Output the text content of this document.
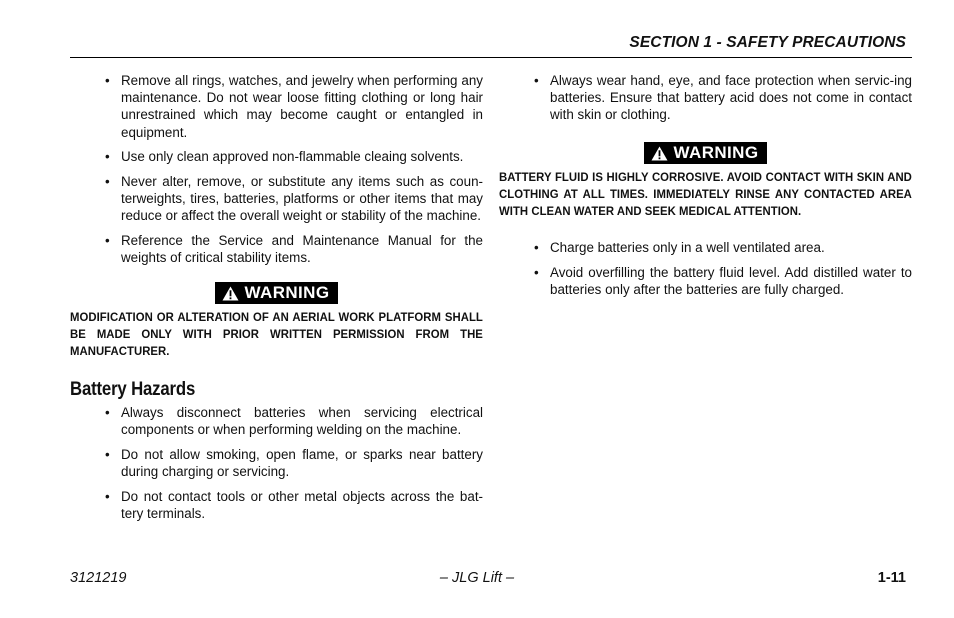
SECTION 1 - SAFETY PRECAUTIONS
• Remove all rings, watches, and jewelry when performing any maintenance. Do not wear loose fitting clothing or long hair unrestrained which may become caught or entangled in equipment.
• Use only clean approved non-flammable cleaing solvents.
• Never alter, remove, or substitute any items such as coun-terweights, tires, batteries, platforms or other items that may reduce or affect the overall weight or stability of the machine.
• Reference the Service and Maintenance Manual for the weights of critical stability items.
WARNING
MODIFICATION OR ALTERATION OF AN AERIAL WORK PLATFORM SHALL BE MADE ONLY WITH PRIOR WRITTEN PERMISSION FROM THE MANUFACTURER.
Battery Hazards
• Always disconnect batteries when servicing electrical components or when performing welding on the machine.
• Do not allow smoking, open flame, or sparks near battery during charging or servicing.
• Do not contact tools or other metal objects across the bat-tery terminals.
• Always wear hand, eye, and face protection when servic-ing batteries. Ensure that battery acid does not come in contact with skin or clothing.
WARNING
BATTERY FLUID IS HIGHLY CORROSIVE. AVOID CONTACT WITH SKIN AND CLOTHING AT ALL TIMES. IMMEDIATELY RINSE ANY CONTACTED AREA WITH CLEAN WATER AND SEEK MEDICAL ATTENTION.
• Charge batteries only in a well ventilated area.
• Avoid overfilling the battery fluid level. Add distilled water to batteries only after the batteries are fully charged.
3121219	– JLG Lift –	1-11
